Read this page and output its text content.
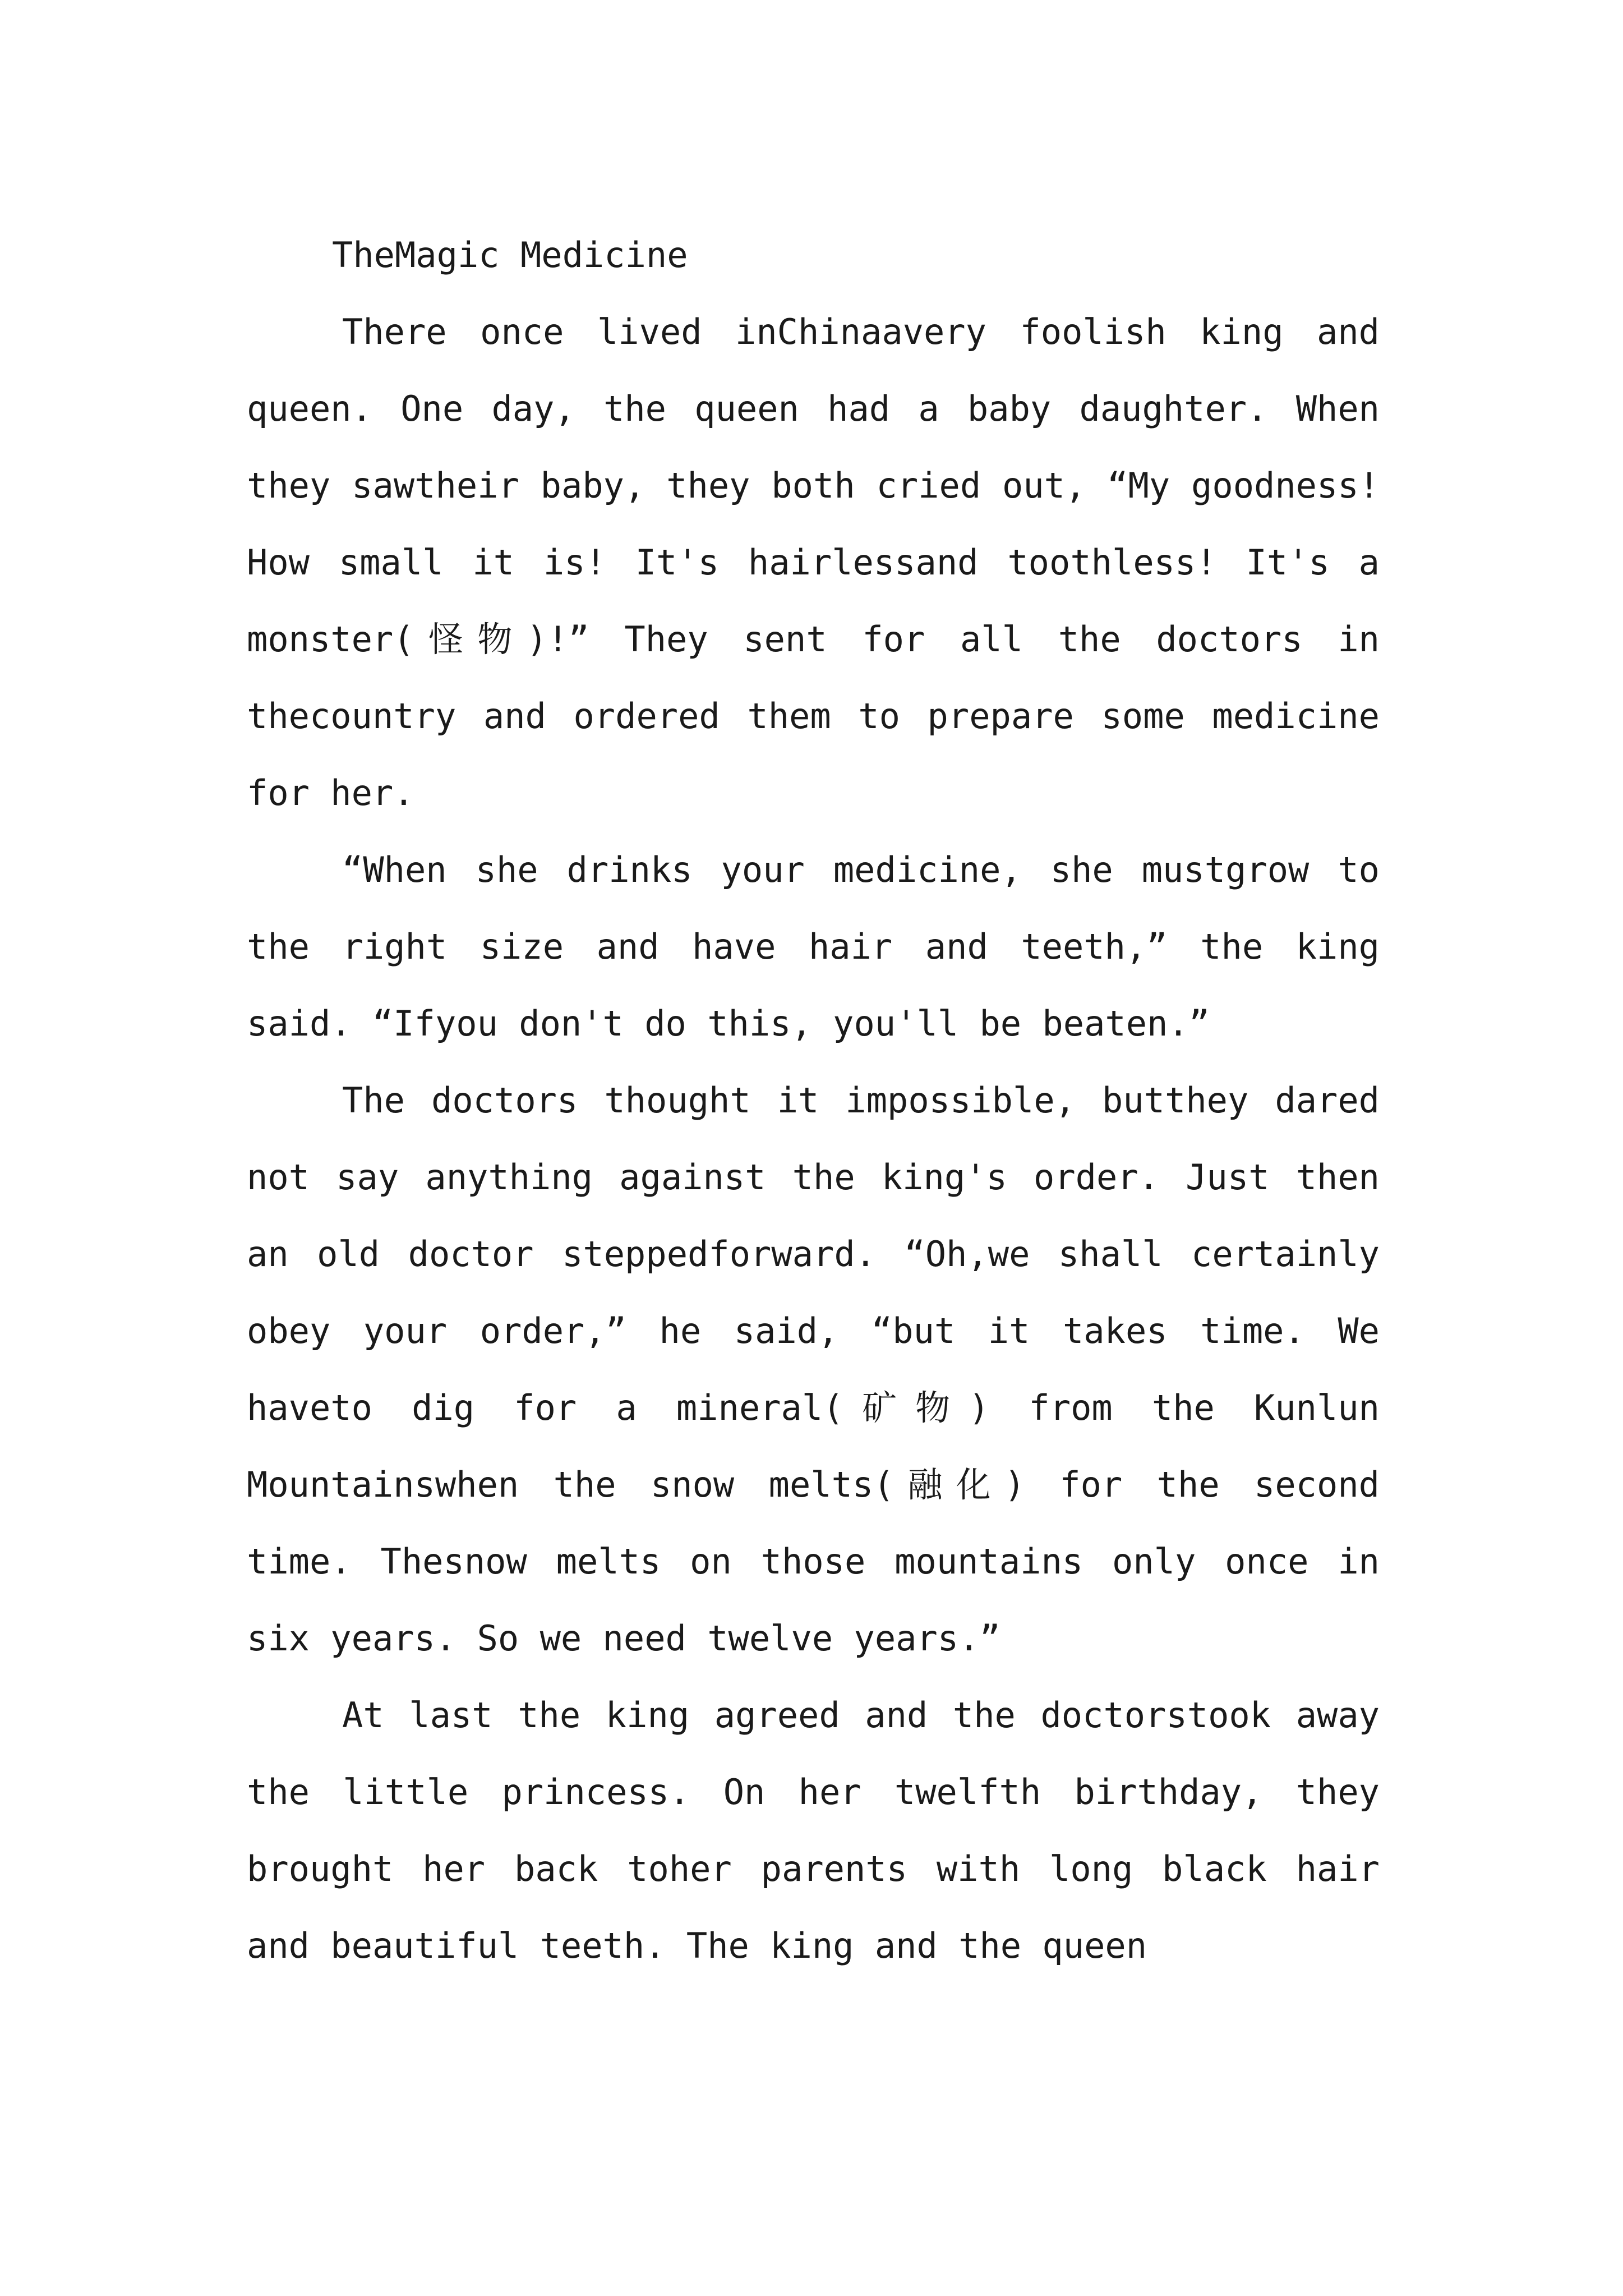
TheMagic Medicine

There once lived inChinaavery foolish king and queen. One day, the queen had a baby daughter. When they sawtheir baby, they both cried out, “My goodness! How small it is! It's hairlessand toothless! It's a monster(怪物)!” They sent for all the doctors in thecountry and ordered them to prepare some medicine for her.

“When she drinks your medicine, she mustgrow to the right size and have hair and teeth,” the king said. “Ifyou don't do this, you'll be beaten.”

The doctors thought it impossible, butthey dared not say anything against the king's order. Just then an old doctor steppedforward. “Oh,we shall certainly obey your order,” he said, “but it takes time. We haveto dig for a mineral(矿物) from the Kunlun Mountainswhen the snow melts(融化) for the second time. Thesnow melts on those mountains only once in six years. So we need twelve years.”

At last the king agreed and the doctorstook away the little princess. On her twelfth birthday, they brought her back toher parents with long black hair and beautiful teeth. The king and the queen
